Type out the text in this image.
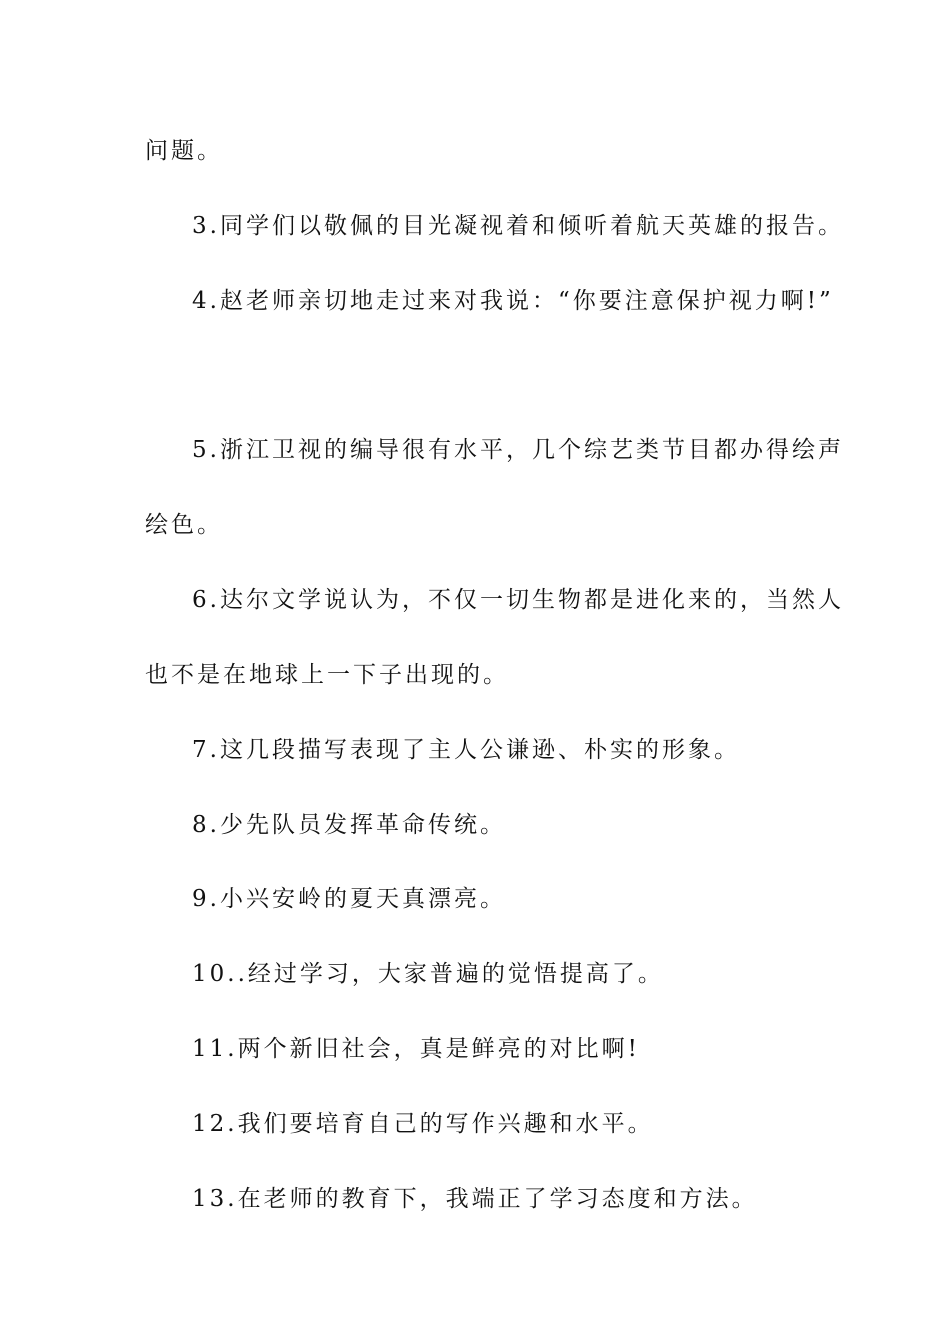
问题。
3.同学们以敬佩的目光凝视着和倾听着航天英雄的报告。
4.赵老师亲切地走过来对我说：“你要注意保护视力啊!”
5.浙江卫视的编导很有水平，几个综艺类节目都办得绘声
绘色。
6.达尔文学说认为，不仅一切生物都是进化来的，当然人
也不是在地球上一下子出现的。
7.这几段描写表现了主人公谦逊、朴实的形象。
8.少先队员发挥革命传统。
9.小兴安岭的夏天真漂亮。
10..经过学习，大家普遍的觉悟提高了。
11.两个新旧社会，真是鲜亮的对比啊!
12.我们要培育自己的写作兴趣和水平。
13.在老师的教育下，我端正了学习态度和方法。
